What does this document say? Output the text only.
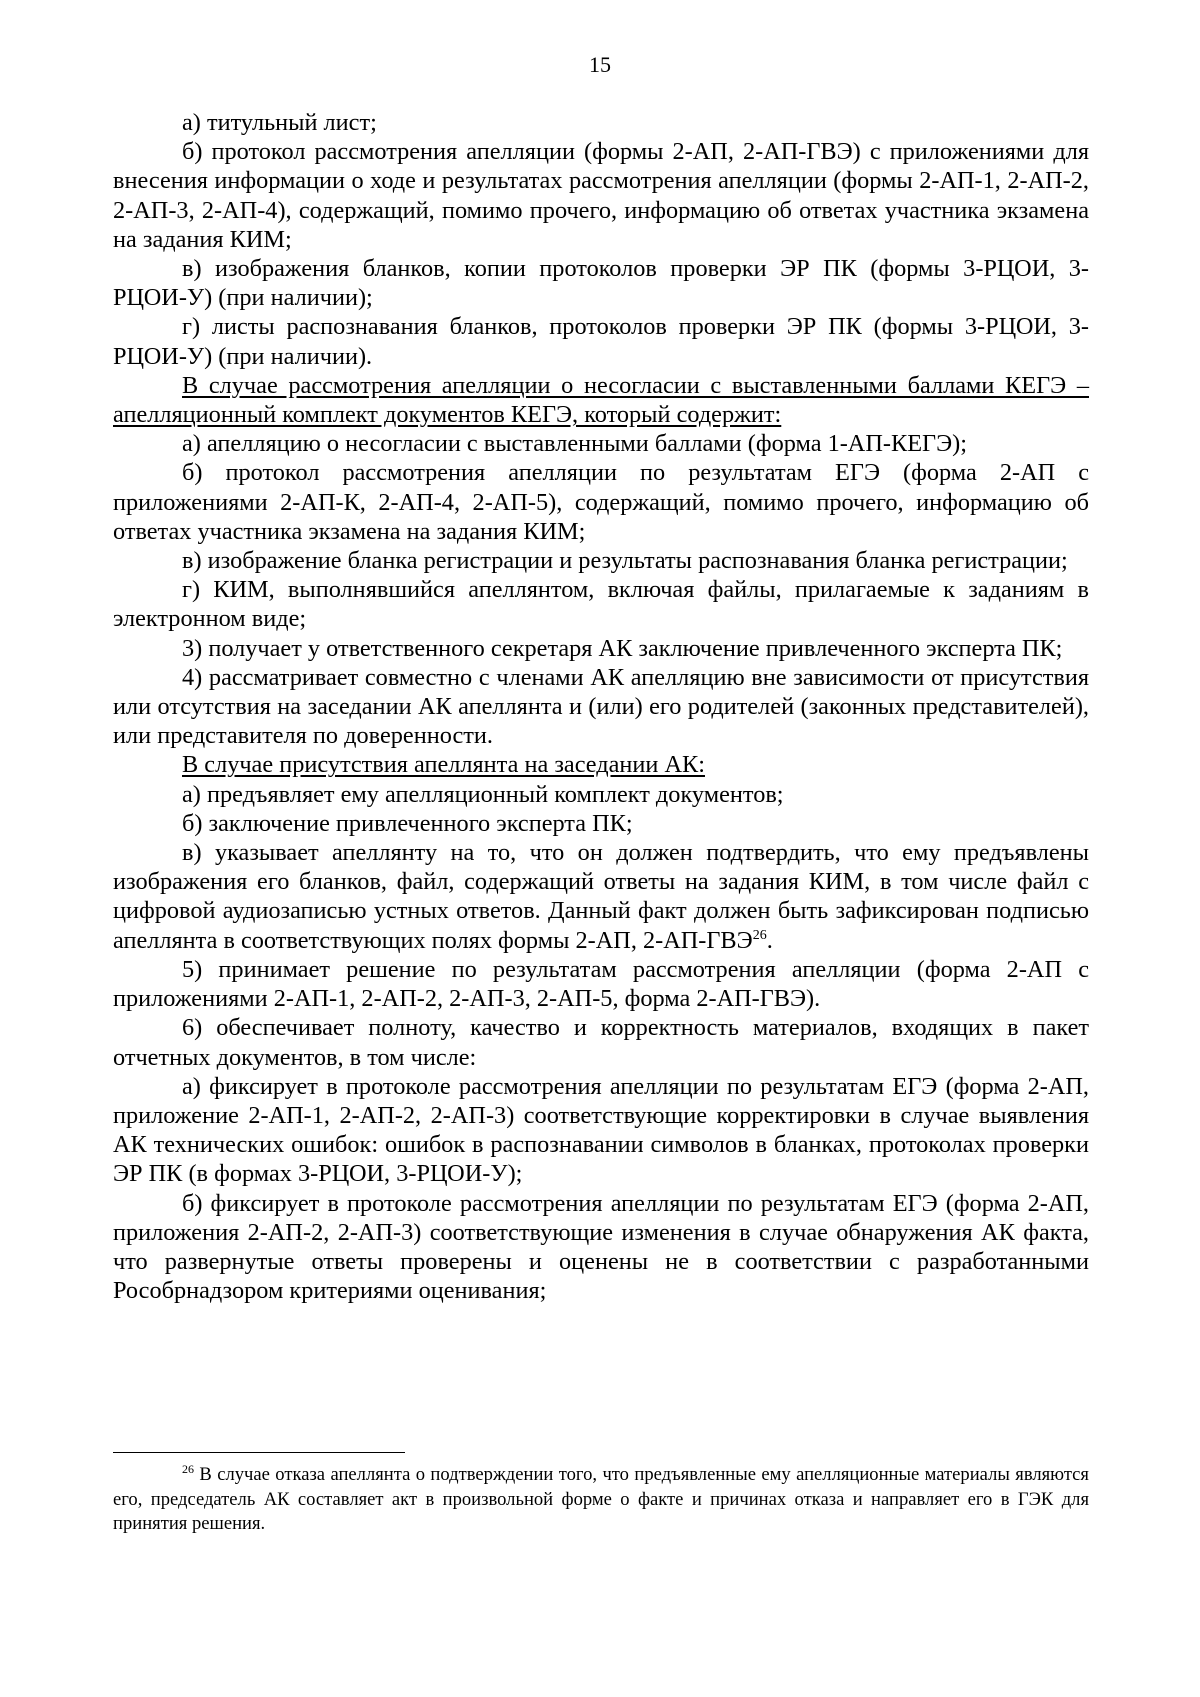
15

а) титульный лист;

б) протокол рассмотрения апелляции (формы 2-АП, 2-АП-ГВЭ) с приложениями для внесения информации о ходе и результатах рассмотрения апелляции (формы 2-АП-1, 2-АП-2, 2-АП-3, 2-АП-4), содержащий, помимо прочего, информацию об ответах участника экзамена на задания КИМ;

в) изображения бланков, копии протоколов проверки ЭР ПК (формы 3-РЦОИ, 3-РЦОИ-У) (при наличии);

г) листы распознавания бланков, протоколов проверки ЭР ПК (формы 3-РЦОИ, 3-РЦОИ-У) (при наличии).

В случае рассмотрения апелляции о несогласии с выставленными баллами КЕГЭ – апелляционный комплект документов КЕГЭ, который содержит:

а) апелляцию о несогласии с выставленными баллами (форма 1-АП-КЕГЭ);

б) протокол рассмотрения апелляции по результатам ЕГЭ (форма 2-АП с приложениями 2-АП-К, 2-АП-4, 2-АП-5), содержащий, помимо прочего, информацию об ответах участника экзамена на задания КИМ;

в) изображение бланка регистрации и результаты распознавания бланка регистрации;

г) КИМ, выполнявшийся апеллянтом, включая файлы, прилагаемые к заданиям в электронном виде;

3) получает у ответственного секретаря АК заключение привлеченного эксперта ПК;

4) рассматривает совместно с членами АК апелляцию вне зависимости от присутствия или отсутствия на заседании АК апеллянта и (или) его родителей (законных представителей), или представителя по доверенности.

В случае присутствия апеллянта на заседании АК:

а) предъявляет ему апелляционный комплект документов;

б) заключение привлеченного эксперта ПК;

в) указывает апеллянту на то, что он должен подтвердить, что ему предъявлены изображения его бланков, файл, содержащий ответы на задания КИМ, в том числе файл с цифровой аудиозаписью устных ответов. Данный факт должен быть зафиксирован подписью апеллянта в соответствующих полях формы 2-АП, 2-АП-ГВЭ$^{26}$.

5) принимает решение по результатам рассмотрения апелляции (форма 2-АП с приложениями 2-АП-1, 2-АП-2, 2-АП-3, 2-АП-5, форма 2-АП-ГВЭ).

6) обеспечивает полноту, качество и корректность материалов, входящих в пакет отчетных документов, в том числе:

а) фиксирует в протоколе рассмотрения апелляции по результатам ЕГЭ (форма 2-АП, приложение 2-АП-1, 2-АП-2, 2-АП-3) соответствующие корректировки в случае выявления АК технических ошибок: ошибок в распознавании символов в бланках, протоколах проверки ЭР ПК (в формах 3-РЦОИ, 3-РЦОИ-У);

б) фиксирует в протоколе рассмотрения апелляции по результатам ЕГЭ (форма 2-АП, приложения 2-АП-2, 2-АП-3) соответствующие изменения в случае обнаружения АК факта, что развернутые ответы проверены и оценены не в соответствии с разработанными Рособрнадзором критериями оценивания;

$^{26}$ В случае отказа апеллянта о подтверждении того, что предъявленные ему апелляционные материалы являются его, председатель АК составляет акт в произвольной форме о факте и причинах отказа и направляет его в ГЭК для принятия решения.
